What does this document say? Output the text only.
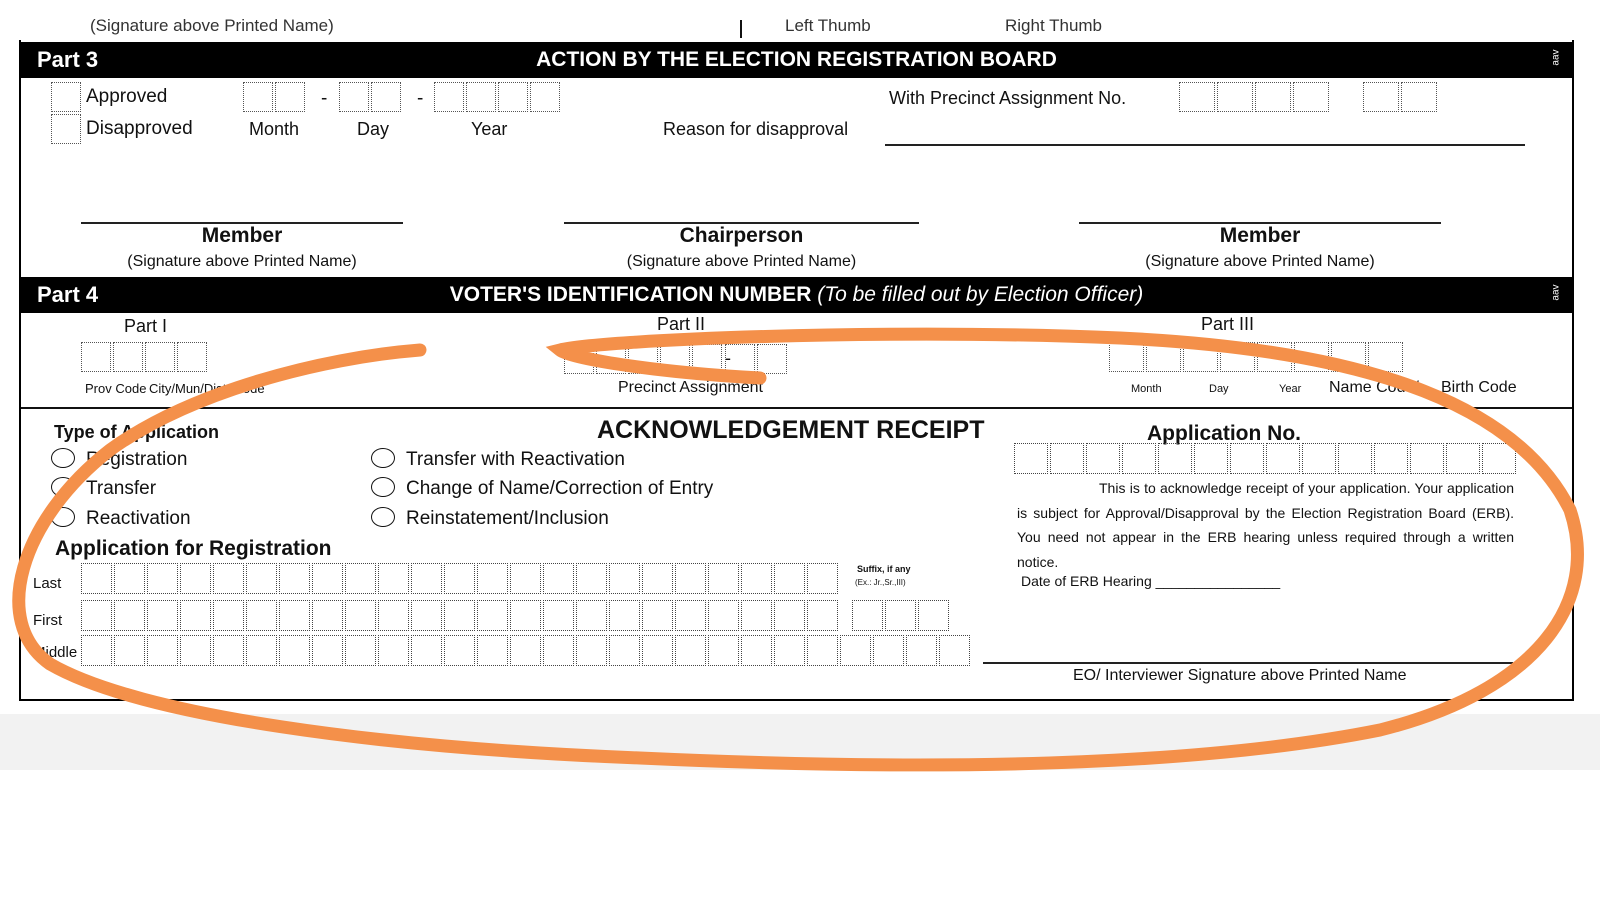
(Signature above Printed Name)	Left Thumb	Right Thumb
Part 3	ACTION BY THE ELECTION REGISTRATION BOARD	aav
Approved
Disapproved
-	-
Month	Day	Year	Reason for disapproval
With Precinct Assignment No.
Member
(Signature above Printed Name)
Chairperson
(Signature above Printed Name)
Member
(Signature above Printed Name)
Part 4	VOTER'S IDENTIFICATION NUMBER (To be filled out by Election Officer)	aav
Part I	Part II	Part III
-
Prov Code City/Mun/Dist. Code	Precinct Assignment	Month	Day	Year Name Code/ Birth Code
Type of Application	ACKNOWLEDGEMENT RECEIPT
Registration
Transfer
Reactivation
Transfer with Reactivation
Change of Name/Correction of Entry
Reinstatement/Inclusion
Application for Registration
Last
First
Middle
Suffix, if any
(Ex.: Jr.,Sr.,III)
Application No.
This is to acknowledge receipt of your application. Your application is subject for Approval/Disapproval by the Election Registration Board (ERB). You need not appear in the ERB hearing unless required through a written notice.
Date of ERB Hearing ________________
EO/ Interviewer Signature above Printed Name
